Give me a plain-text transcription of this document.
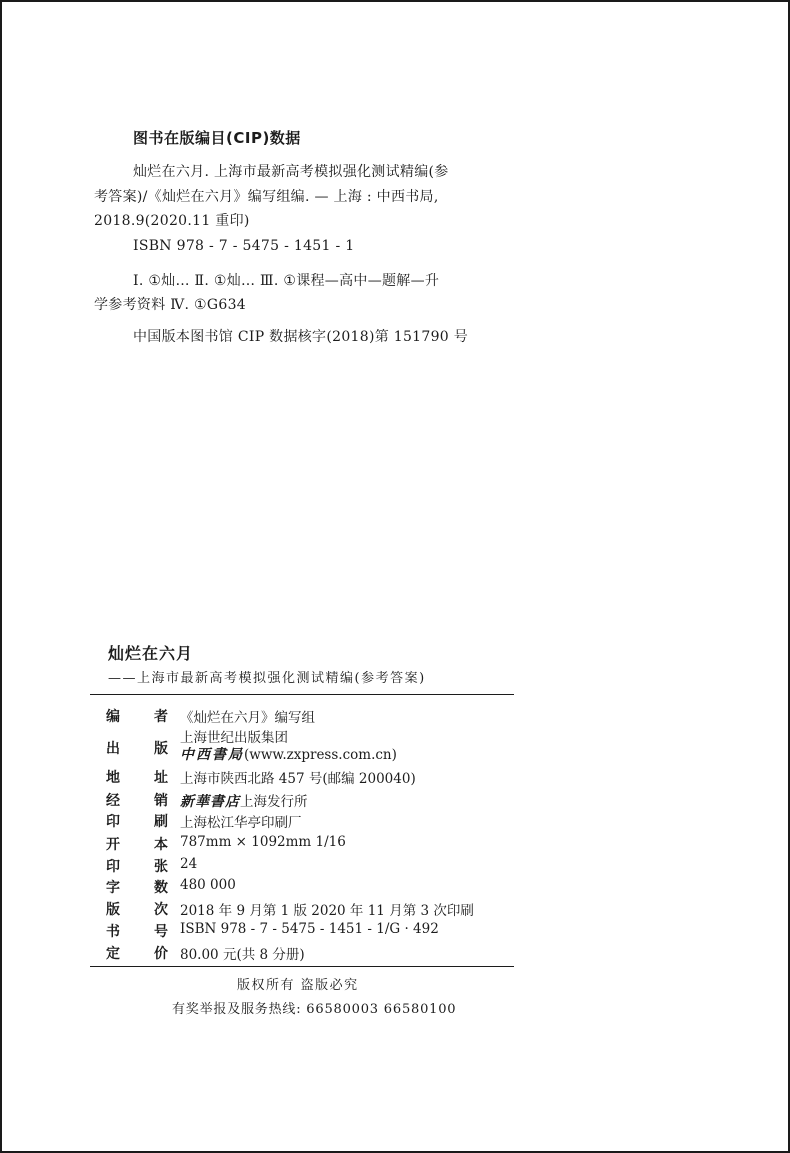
图书在版编目(CIP)数据
灿烂在六月. 上海市最新高考模拟强化测试精编(参
考答案)/《灿烂在六月》编写组编. — 上海 : 中西书局,
2018.9(2020.11 重印)
ISBN 978 - 7 - 5475 - 1451 - 1
Ⅰ. ①灿… Ⅱ. ①灿… Ⅲ. ①课程—高中—题解—升
学参考资料 Ⅳ. ①G634
中国版本图书馆 CIP 数据核字(2018)第 151790 号
灿烂在六月
——上海市最新高考模拟强化测试精编(参考答案)
编 者 《灿烂在六月》编写组
出 版
上海世纪出版集团
中西書局(www.zxpress.com.cn)
地 址 上海市陕西北路 457 号(邮编 200040)
经 销 新華書店上海发行所
印 刷 上海松江华亭印刷厂
开 本 787mm × 1092mm 1/16
印 张 24
字 数 480 000
版 次 2018 年 9 月第 1 版 2020 年 11 月第 3 次印刷
书 号 ISBN 978 - 7 - 5475 - 1451 - 1/G · 492
定 价 80.00 元(共 8 分册)
版权所有 盗版必究
有奖举报及服务热线: 66580003 66580100
